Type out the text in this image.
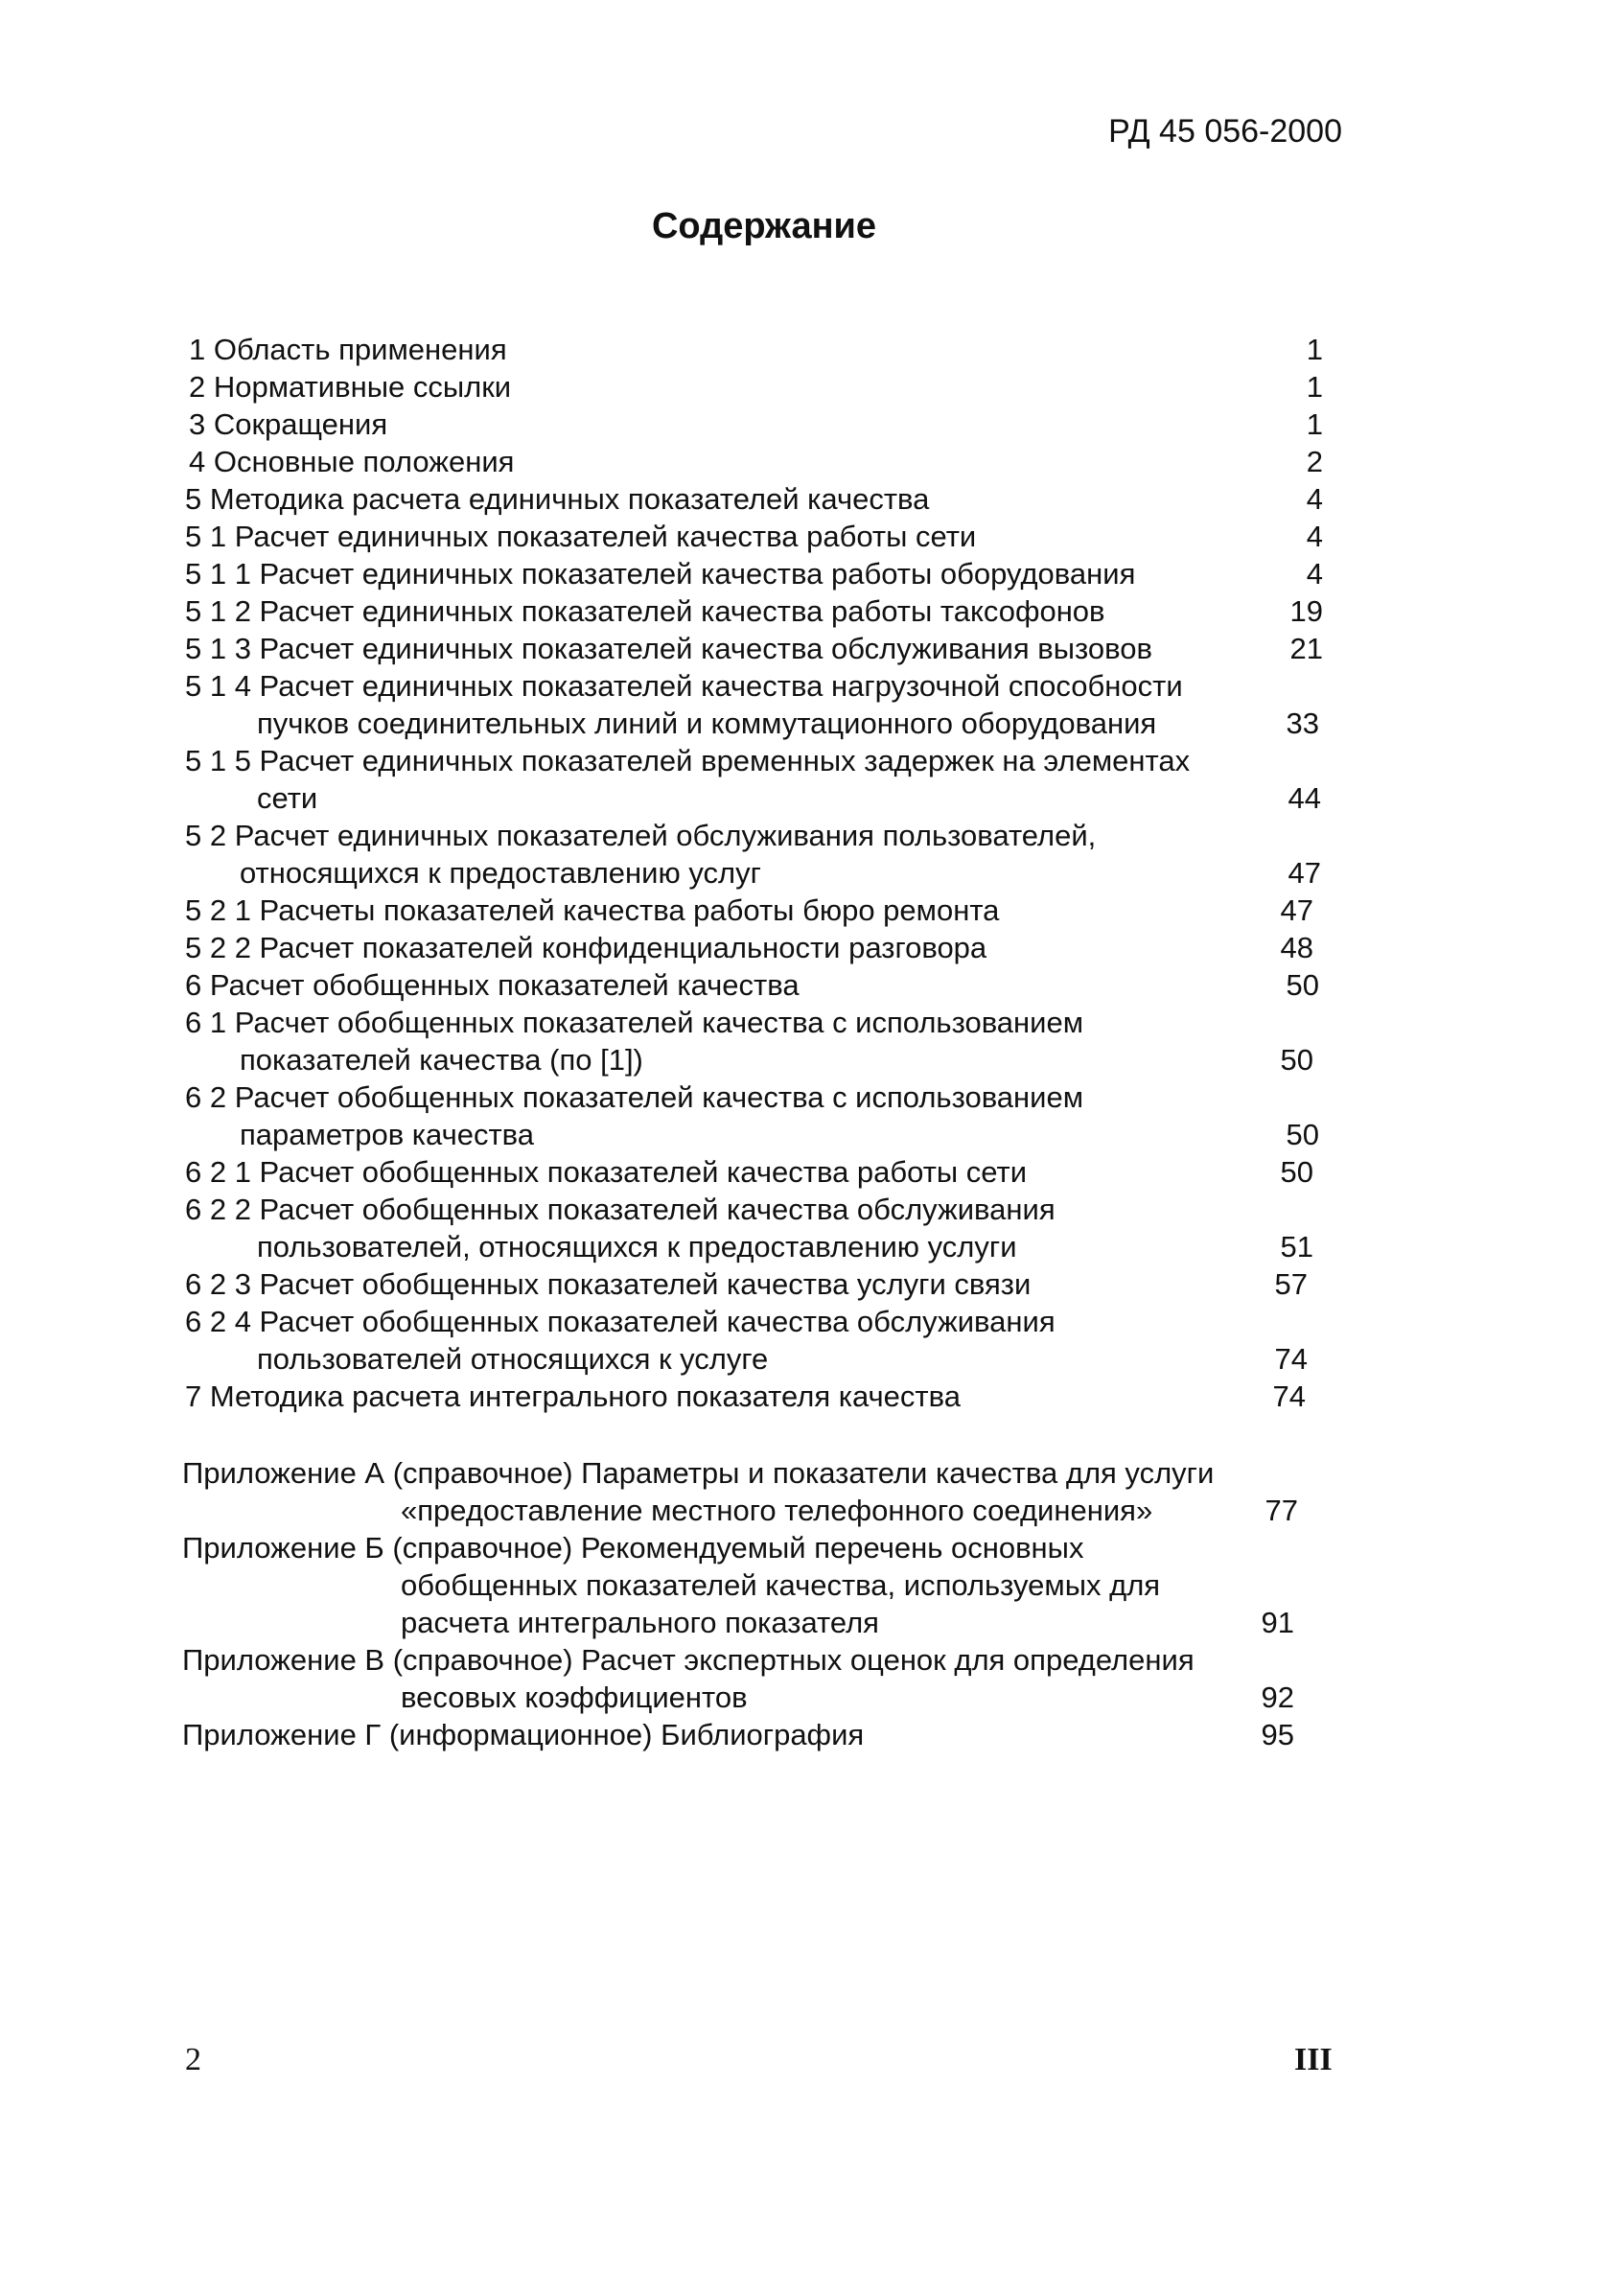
РД 45 056-2000
Содержание
1 Область применения	1
2 Нормативные ссылки	1
3 Сокращения	1
4 Основные положения	2
5 Методика расчета единичных показателей качества	4
5 1 Расчет единичных показателей качества работы сети	4
5 1 1 Расчет единичных показателей качества работы оборудования	4
5 1 2 Расчет единичных показателей качества работы таксофонов	19
5 1 3 Расчет единичных показателей качества обслуживания вызовов	21
5 1 4 Расчет единичных показателей качества нагрузочной способности
пучков соединительных линий и коммутационного оборудования	33
5 1 5 Расчет единичных показателей временных задержек на элементах
сети	44
5 2 Расчет единичных показателей обслуживания пользователей,
относящихся к предоставлению услуг	47
5 2 1 Расчеты показателей качества работы бюро ремонта	47
5 2 2 Расчет показателей конфиденциальности разговора	48
6 Расчет обобщенных показателей качества	50
6 1 Расчет обобщенных показателей качества с использованием
показателей качества (по [1])	50
6 2 Расчет обобщенных показателей качества с использованием
параметров качества	50
6 2 1 Расчет обобщенных показателей качества работы сети	50
6 2 2 Расчет обобщенных показателей качества обслуживания
пользователей, относящихся к предоставлению услуги	51
6 2 3 Расчет обобщенных показателей качества услуги связи	57
6 2 4 Расчет обобщенных показателей качества обслуживания
пользователей относящихся к услуге	74
7 Методика расчета интегрального показателя качества	74
Приложение А (справочное) Параметры и показатели качества для услуги
«предоставление местного телефонного соединения»	77
Приложение Б (справочное) Рекомендуемый перечень основных
обобщенных показателей качества, используемых для
расчета интегрального показателя	91
Приложение В (справочное) Расчет экспертных оценок для определения
весовых коэффициентов	92
Приложение Г (информационное) Библиография	95
2	III
